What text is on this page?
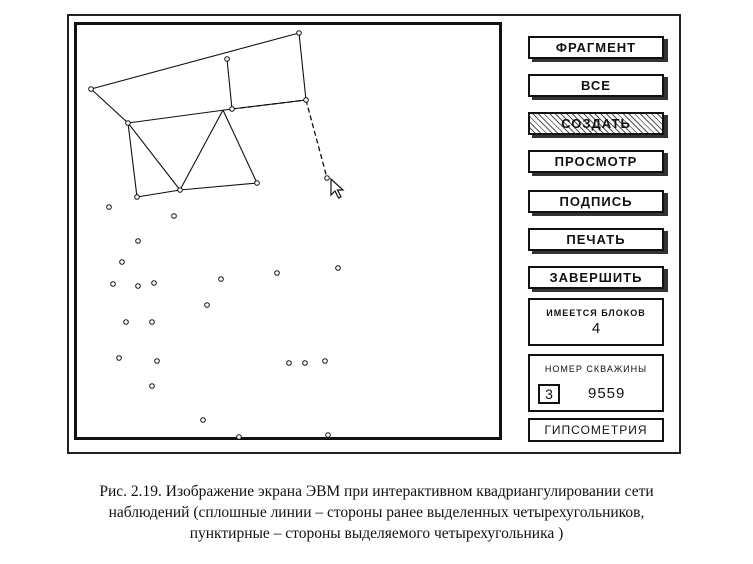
ФРАГМЕНТ
ВСЕ
СОЗДАТЬ
ПРОСМОТР
ПОДПИСЬ
ПЕЧАТЬ
ЗАВЕРШИТЬ
ИМЕЕТСЯ БЛОКОВ
4
НОМЕР СКВАЖИНЫ
3	9559
ГИПСОМЕТРИЯ
Рис. 2.19. Изображение экрана ЭВМ при интерактивном квадриангулировании сети
наблюдений (сплошные линии – стороны ранее выделенных четырехугольников,
пунктирные – стороны выделяемого четырехугольника )
